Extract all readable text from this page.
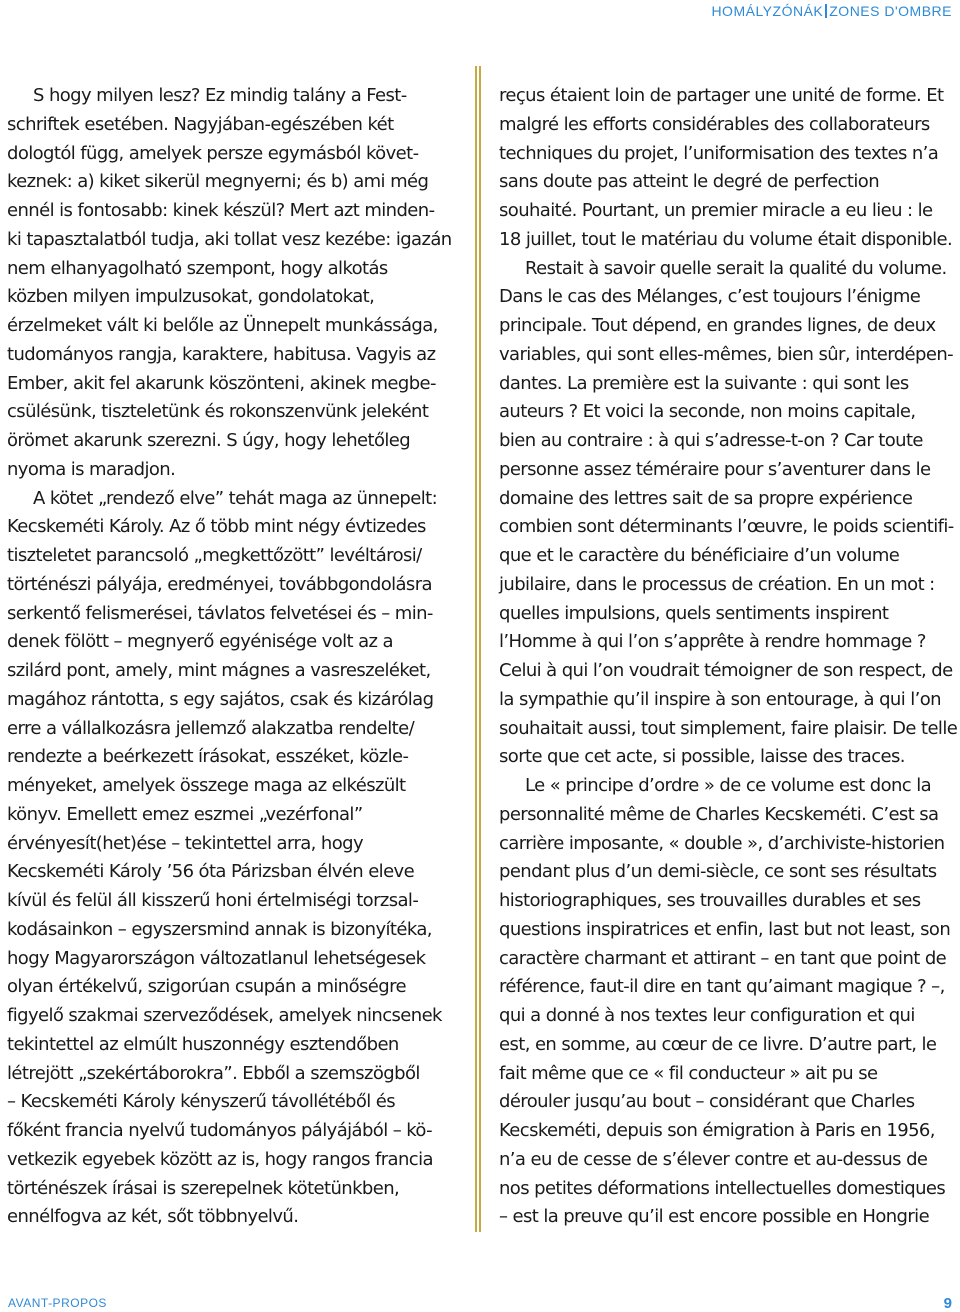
HOMÁLYZÓNÁK ZONES D'OMBRE
S hogy milyen lesz? Ez mindig talány a Fest-
schriftek esetében. Nagyjában-egészében két
dologtól függ, amelyek persze egymásból követ-
keznek: a) kiket sikerül megnyerni; és b) ami még
ennél is fontosabb: kinek készül? Mert azt minden-
ki tapasztalatból tudja, aki tollat vesz kezébe: igazán
nem elhanyagolható szempont, hogy alkotás
közben milyen impulzusokat, gondolatokat,
érzelmeket vált ki belőle az Ünnepelt munkássága,
tudományos rangja, karaktere, habitusa. Vagyis az
Ember, akit fel akarunk köszönteni, akinek megbe-
csülésünk, tiszteletünk és rokonszenvünk jeleként
örömet akarunk szerezni. S úgy, hogy lehetőleg
nyoma is maradjon.
A kötet „rendező elve” tehát maga az ünnepelt:
Kecskeméti Károly. Az ő több mint négy évtizedes
tiszteletet parancsoló „megkettőzött” levéltárosi/
történészi pályája, eredményei, továbbgondolásra
serkentő felismerései, távlatos felvetései és – min-
denek fölött – megnyerő egyénisége volt az a
szilárd pont, amely, mint mágnes a vasreszeléket,
magához rántotta, s egy sajátos, csak és kizárólag
erre a vállalkozásra jellemző alakzatba rendelte/
rendezte a beérkezett írásokat, esszéket, közle-
ményeket, amelyek összege maga az elkészült
könyv. Emellett emez eszmei „vezérfonal”
érvényesít(het)ése – tekintettel arra, hogy
Kecskeméti Károly ’56 óta Párizsban élvén eleve
kívül és felül áll kisszerű honi értelmiségi torzsal-
kodásainkon – egyszersmind annak is bizonyítéka,
hogy Magyarországon változatlanul lehetségesek
olyan értékelvű, szigorúan csupán a minőségre
figyelő szakmai szerveződések, amelyek nincsenek
tekintettel az elmúlt huszonnégy esztendőben
létrejött „szekértáborokra”. Ebből a szemszögből
– Kecskeméti Károly kényszerű távollétéből és
főként francia nyelvű tudományos pályájából – kö-
vetkezik egyebek között az is, hogy rangos francia
történészek írásai is szerepelnek kötetünkben,
ennélfogva az két, sőt többnyelvű.
reçus étaient loin de partager une unité de forme. Et
malgré les efforts considérables des collaborateurs
techniques du projet, l’uniformisation des textes n’a
sans doute pas atteint le degré de perfection
souhaité. Pourtant, un premier miracle a eu lieu : le
18 juillet, tout le matériau du volume était disponible.
Restait à savoir quelle serait la qualité du volume.
Dans le cas des Mélanges, c’est toujours l’énigme
principale. Tout dépend, en grandes lignes, de deux
variables, qui sont elles-mêmes, bien sûr, interdépen-
dantes. La première est la suivante : qui sont les
auteurs ? Et voici la seconde, non moins capitale,
bien au contraire : à qui s’adresse-t-on ? Car toute
personne assez téméraire pour s’aventurer dans le
domaine des lettres sait de sa propre expérience
combien sont déterminants l’œuvre, le poids scientifi-
que et le caractère du bénéficiaire d’un volume
jubilaire, dans le processus de création. En un mot :
quelles impulsions, quels sentiments inspirent
l’Homme à qui l’on s’apprête à rendre hommage ?
Celui à qui l’on voudrait témoigner de son respect, de
la sympathie qu’il inspire à son entourage, à qui l’on
souhaitait aussi, tout simplement, faire plaisir. De telle
sorte que cet acte, si possible, laisse des traces.
Le « principe d’ordre » de ce volume est donc la
personnalité même de Charles Kecskeméti. C’est sa
carrière imposante, « double », d’archiviste-historien
pendant plus d’un demi-siècle, ce sont ses résultats
historiographiques, ses trouvailles durables et ses
questions inspiratrices et enfin, last but not least, son
caractère charmant et attirant – en tant que point de
référence, faut-il dire en tant qu’aimant magique ? –,
qui a donné à nos textes leur configuration et qui
est, en somme, au cœur de ce livre. D’autre part, le
fait même que ce « fil conducteur » ait pu se
dérouler jusqu’au bout – considérant que Charles
Kecskeméti, depuis son émigration à Paris en 1956,
n’a eu de cesse de s’élever contre et au-dessus de
nos petites déformations intellectuelles domestiques
– est la preuve qu’il est encore possible en Hongrie
AVANT-PROPOS	9
